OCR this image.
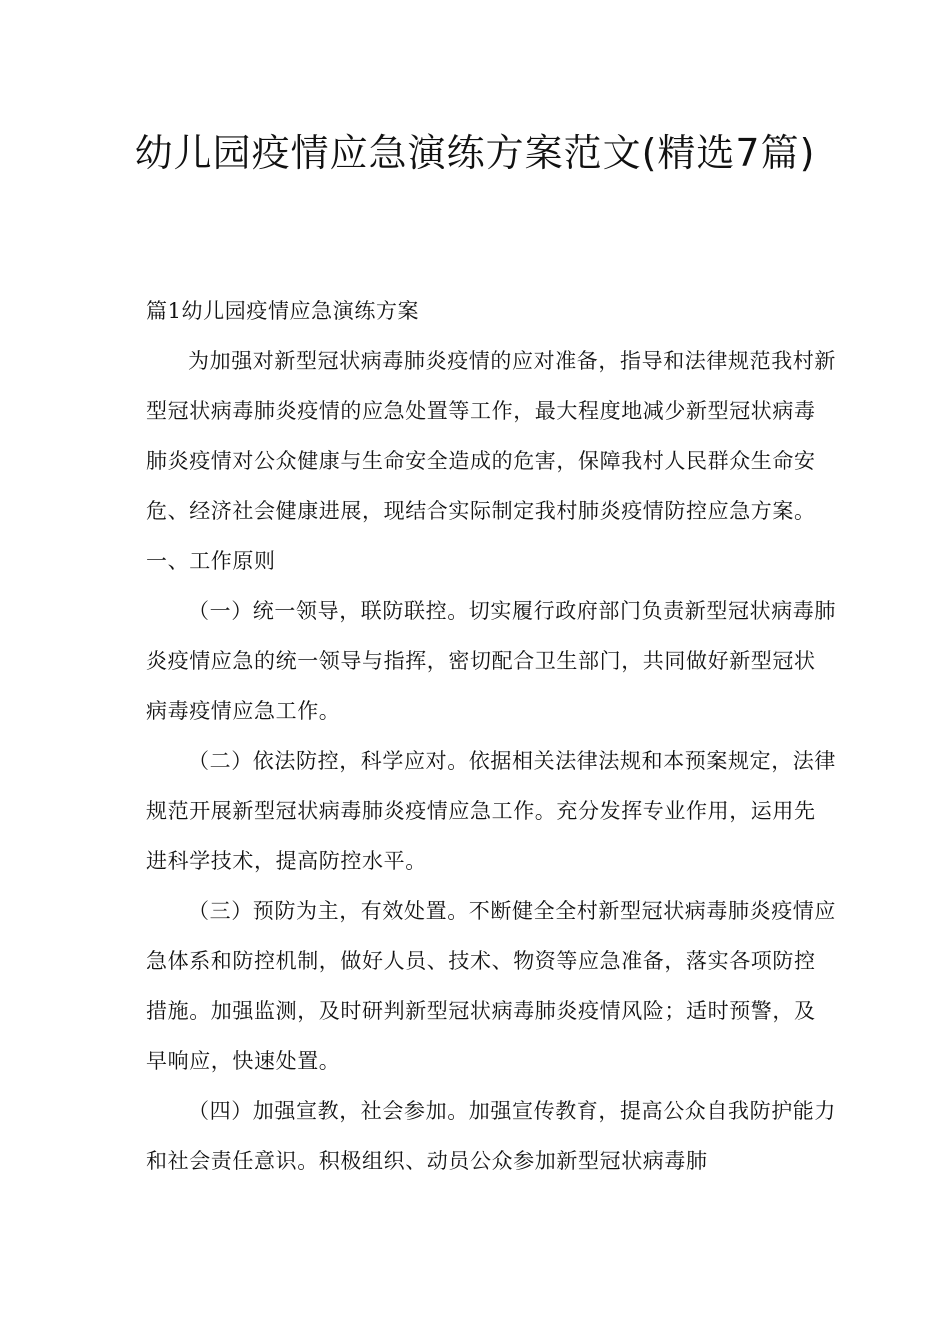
幼儿园疫情应急演练方案范文(精选7篇)

篇1幼儿园疫情应急演练方案

为加强对新型冠状病毒肺炎疫情的应对准备，指导和法律规范我村新型冠状病毒肺炎疫情的应急处置等工作，最大程度地减少新型冠状病毒肺炎疫情对公众健康与生命安全造成的危害，保障我村人民群众生命安危、经济社会健康进展，现结合实际制定我村肺炎疫情防控应急方案。

一、工作原则

（一）统一领导，联防联控。切实履行政府部门负责新型冠状病毒肺炎疫情应急的统一领导与指挥，密切配合卫生部门，共同做好新型冠状病毒疫情应急工作。

（二）依法防控，科学应对。依据相关法律法规和本预案规定，法律规范开展新型冠状病毒肺炎疫情应急工作。充分发挥专业作用，运用先进科学技术，提高防控水平。

（三）预防为主，有效处置。不断健全全村新型冠状病毒肺炎疫情应急体系和防控机制，做好人员、技术、物资等应急准备，落实各项防控措施。加强监测，及时研判新型冠状病毒肺炎疫情风险；适时预警，及早响应，快速处置。

（四）加强宣教，社会参加。加强宣传教育，提高公众自我防护能力和社会责任意识。积极组织、动员公众参加新型冠状病毒肺
